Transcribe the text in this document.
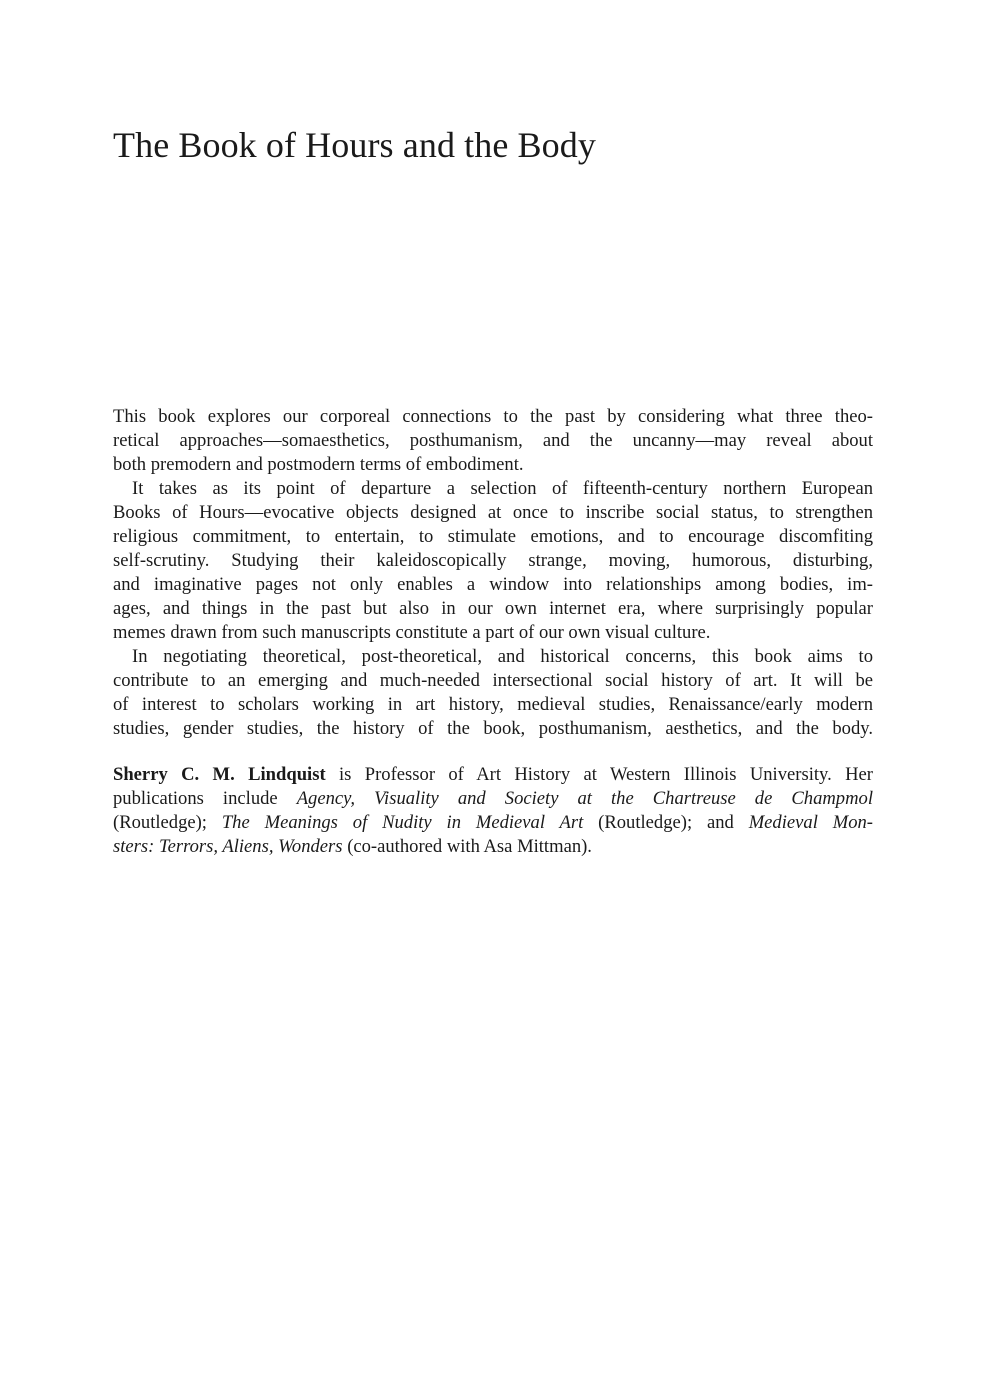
The Book of Hours and the Body
This book explores our corporeal connections to the past by considering what three theo-
retical approaches—somaesthetics, posthumanism, and the uncanny—may reveal about
both premodern and postmodern terms of embodiment.
It takes as its point of departure a selection of fifteenth-century northern European
Books of Hours—evocative objects designed at once to inscribe social status, to strengthen
religious commitment, to entertain, to stimulate emotions, and to encourage discomfiting
self-scrutiny. Studying their kaleidoscopically strange, moving, humorous, disturbing,
and imaginative pages not only enables a window into relationships among bodies, im-
ages, and things in the past but also in our own internet era, where surprisingly popular
memes drawn from such manuscripts constitute a part of our own visual culture.
In negotiating theoretical, post-theoretical, and historical concerns, this book aims to
contribute to an emerging and much-needed intersectional social history of art. It will be
of interest to scholars working in art history, medieval studies, Renaissance/early modern
studies, gender studies, the history of the book, posthumanism, aesthetics, and the body.
Sherry C. M. Lindquist is Professor of Art History at Western Illinois University. Her
publications include Agency, Visuality and Society at the Chartreuse de Champmol
(Routledge); The Meanings of Nudity in Medieval Art (Routledge); and Medieval Mon-
sters: Terrors, Aliens, Wonders (co-authored with Asa Mittman).
